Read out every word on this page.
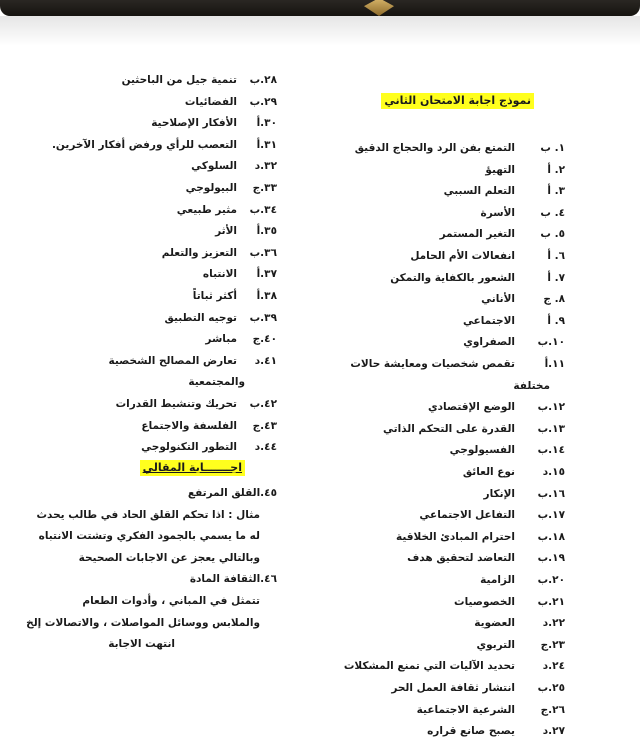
نموذج اجابة الامتحان الثاني
١. ب
التمتع بفن الرد والحجاج الدقيق
٢. أ
التهيؤ
٣. أ
التعلم السببي
٤. ب
الأسرة
٥. ب
التغير المستمر
٦. أ
انفعالات الأم الحامل
٧. أ
الشعور بالكفاية والتمكن
٨. ج
الأناني
٩. أ
الاجتماعي
١٠.ب
الصفراوي
١١.أ
تقمص شخصيات ومعايشة حالات
مختلفة
١٢.ب
الوضع الإقتصادي
١٣.ب
القدرة على التحكم الذاتي
١٤.ب
الفسيولوجي
١٥.د
نوع العائق
١٦.ب
الإنكار
١٧.ب
التفاعل الاجتماعي
١٨.ب
احترام المبادئ الخلاقية
١٩.ب
التعاضد لتحقيق هدف
٢٠.ب
الزامية
٢١.ب
الخصوصيات
٢٢.د
العضوية
٢٣.ج
التربوي
٢٤.د
تحديد الآليات التي تمنع المشكلات
٢٥.ب
انتشار ثقافة العمل الحر
٢٦.ج
الشرعية الاجتماعية
٢٧.د
يصبح صانع قراره
٢٨.ب
تنمية جيل من الباحثين
٢٩.ب
الفضائيات
٣٠.أ
الأفكار الإصلاحية
٣١.أ
التعصب للرأي ورفض أفكار الآخرين.
٣٢.د
السلوكي
٣٣.ج
البيولوجي
٣٤.ب
مثير طبيعي
٣٥.أ
الأثر
٣٦.ب
التعزيز والتعلم
٣٧.أ
الانتباه
٣٨.أ
أكثر ثباتاً
٣٩.ب
توجيه التطبيق
٤٠.ج
مباشر
٤١.د
تعارض المصالح الشخصية
والمجتمعية
٤٢.ب
تحريك وتنشيط القدرات
٤٣.ج
الفلسفة والاجتماع
٤٤.د
التطور التكنولوجي
اجـــــــابة المقالي
٤٥.القلق المرتفع
مثال : اذا تحكم القلق الحاد في طالب يحدث
له ما يسمي بالجمود الفكري وتشتت الانتباه
وبالتالي يعجز عن الاجابات الصحيحة
٤٦.الثقافة المادة
تتمثل في المباني ، وأدوات الطعام
والملابس ووسائل المواصلات ، والاتصالات إلخ
انتهت الاجابة
